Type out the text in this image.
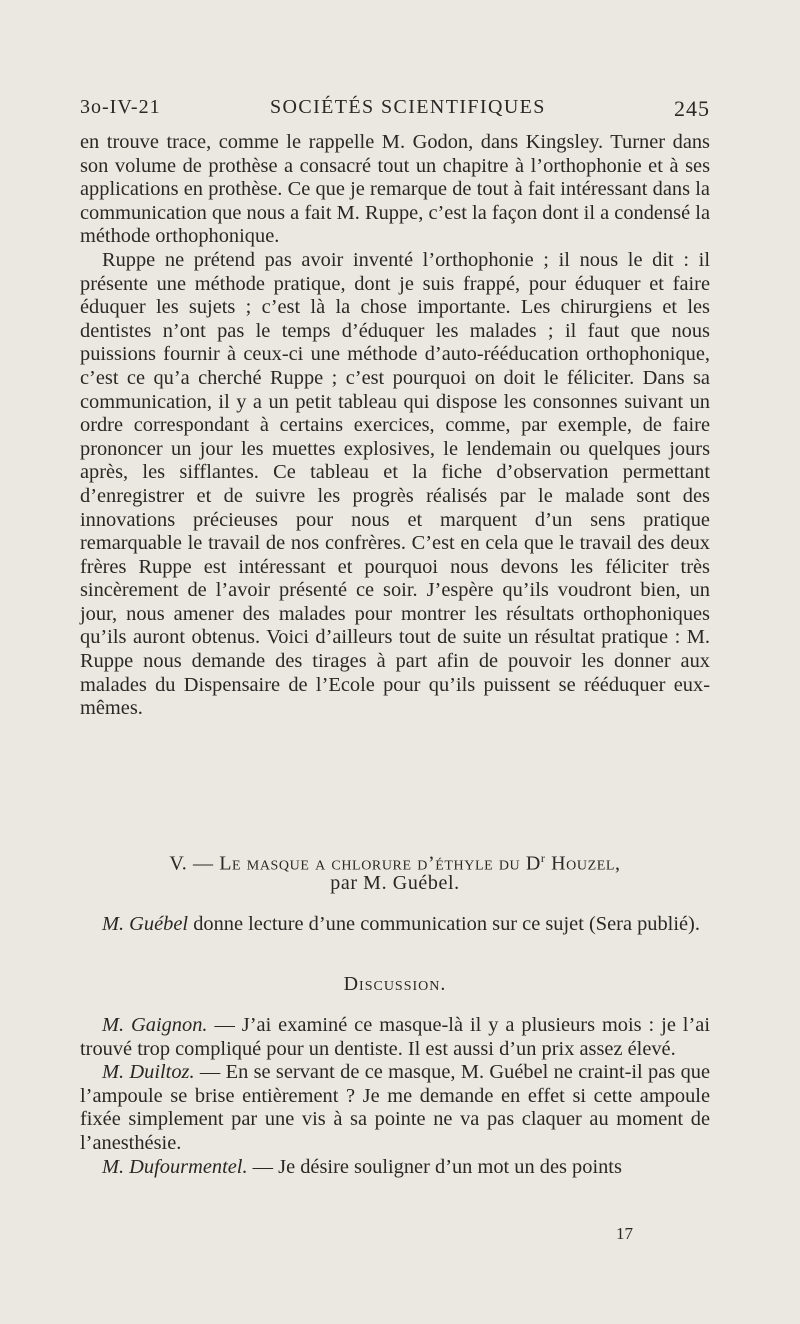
3o-IV-21	SOCIÉTÉS SCIENTIFIQUES	245

en trouve trace, comme le rappelle M. Godon, dans Kingsley. Turner dans son volume de prothèse a consacré tout un chapitre à l’orthophonie et à ses applications en prothèse. Ce que je remarque de tout à fait intéressant dans la communication que nous a fait M. Ruppe, c’est la façon dont il a condensé la méthode orthophonique.

Ruppe ne prétend pas avoir inventé l’orthophonie ; il nous le dit : il présente une méthode pratique, dont je suis frappé, pour éduquer et faire éduquer les sujets ; c’est là la chose importante. Les chirurgiens et les dentistes n’ont pas le temps d’éduquer les malades ; il faut que nous puissions fournir à ceux-ci une méthode d’auto-rééducation orthophonique, c’est ce qu’a cherché Ruppe ; c’est pourquoi on doit le féliciter. Dans sa communication, il y a un petit tableau qui dispose les consonnes suivant un ordre correspondant à certains exercices, comme, par exemple, de faire prononcer un jour les muettes explosives, le lendemain ou quelques jours après, les sifflantes. Ce tableau et la fiche d’observation permettant d’enregistrer et de suivre les progrès réalisés par le malade sont des innovations précieuses pour nous et marquent d’un sens pratique remarquable le travail de nos confrères. C’est en cela que le travail des deux frères Ruppe est intéressant et pourquoi nous devons les féliciter très sincèrement de l’avoir présenté ce soir. J’espère qu’ils voudront bien, un jour, nous amener des malades pour montrer les résultats orthophoniques qu’ils auront obtenus. Voici d’ailleurs tout de suite un résultat pratique : M. Ruppe nous demande des tirages à part afin de pouvoir les donner aux malades du Dispensaire de l’Ecole pour qu’ils puissent se rééduquer eux-mêmes.

V. — Le masque a chlorure d’éthyle du $D^r$ Houzel,
par M. Guébel.

M. Guébel donne lecture d’une communication sur ce sujet (Sera publié).

Discussion.

M. Gaignon. — J’ai examiné ce masque-là il y a plusieurs mois : je l’ai trouvé trop compliqué pour un dentiste. Il est aussi d’un prix assez élevé.

M. Duiltoz. — En se servant de ce masque, M. Guébel ne craint-il pas que l’ampoule se brise entièrement ? Je me demande en effet si cette ampoule fixée simplement par une vis à sa pointe ne va pas claquer au moment de l’anesthésie.

M. Dufourmentel. — Je désire souligner d’un mot un des points

17
